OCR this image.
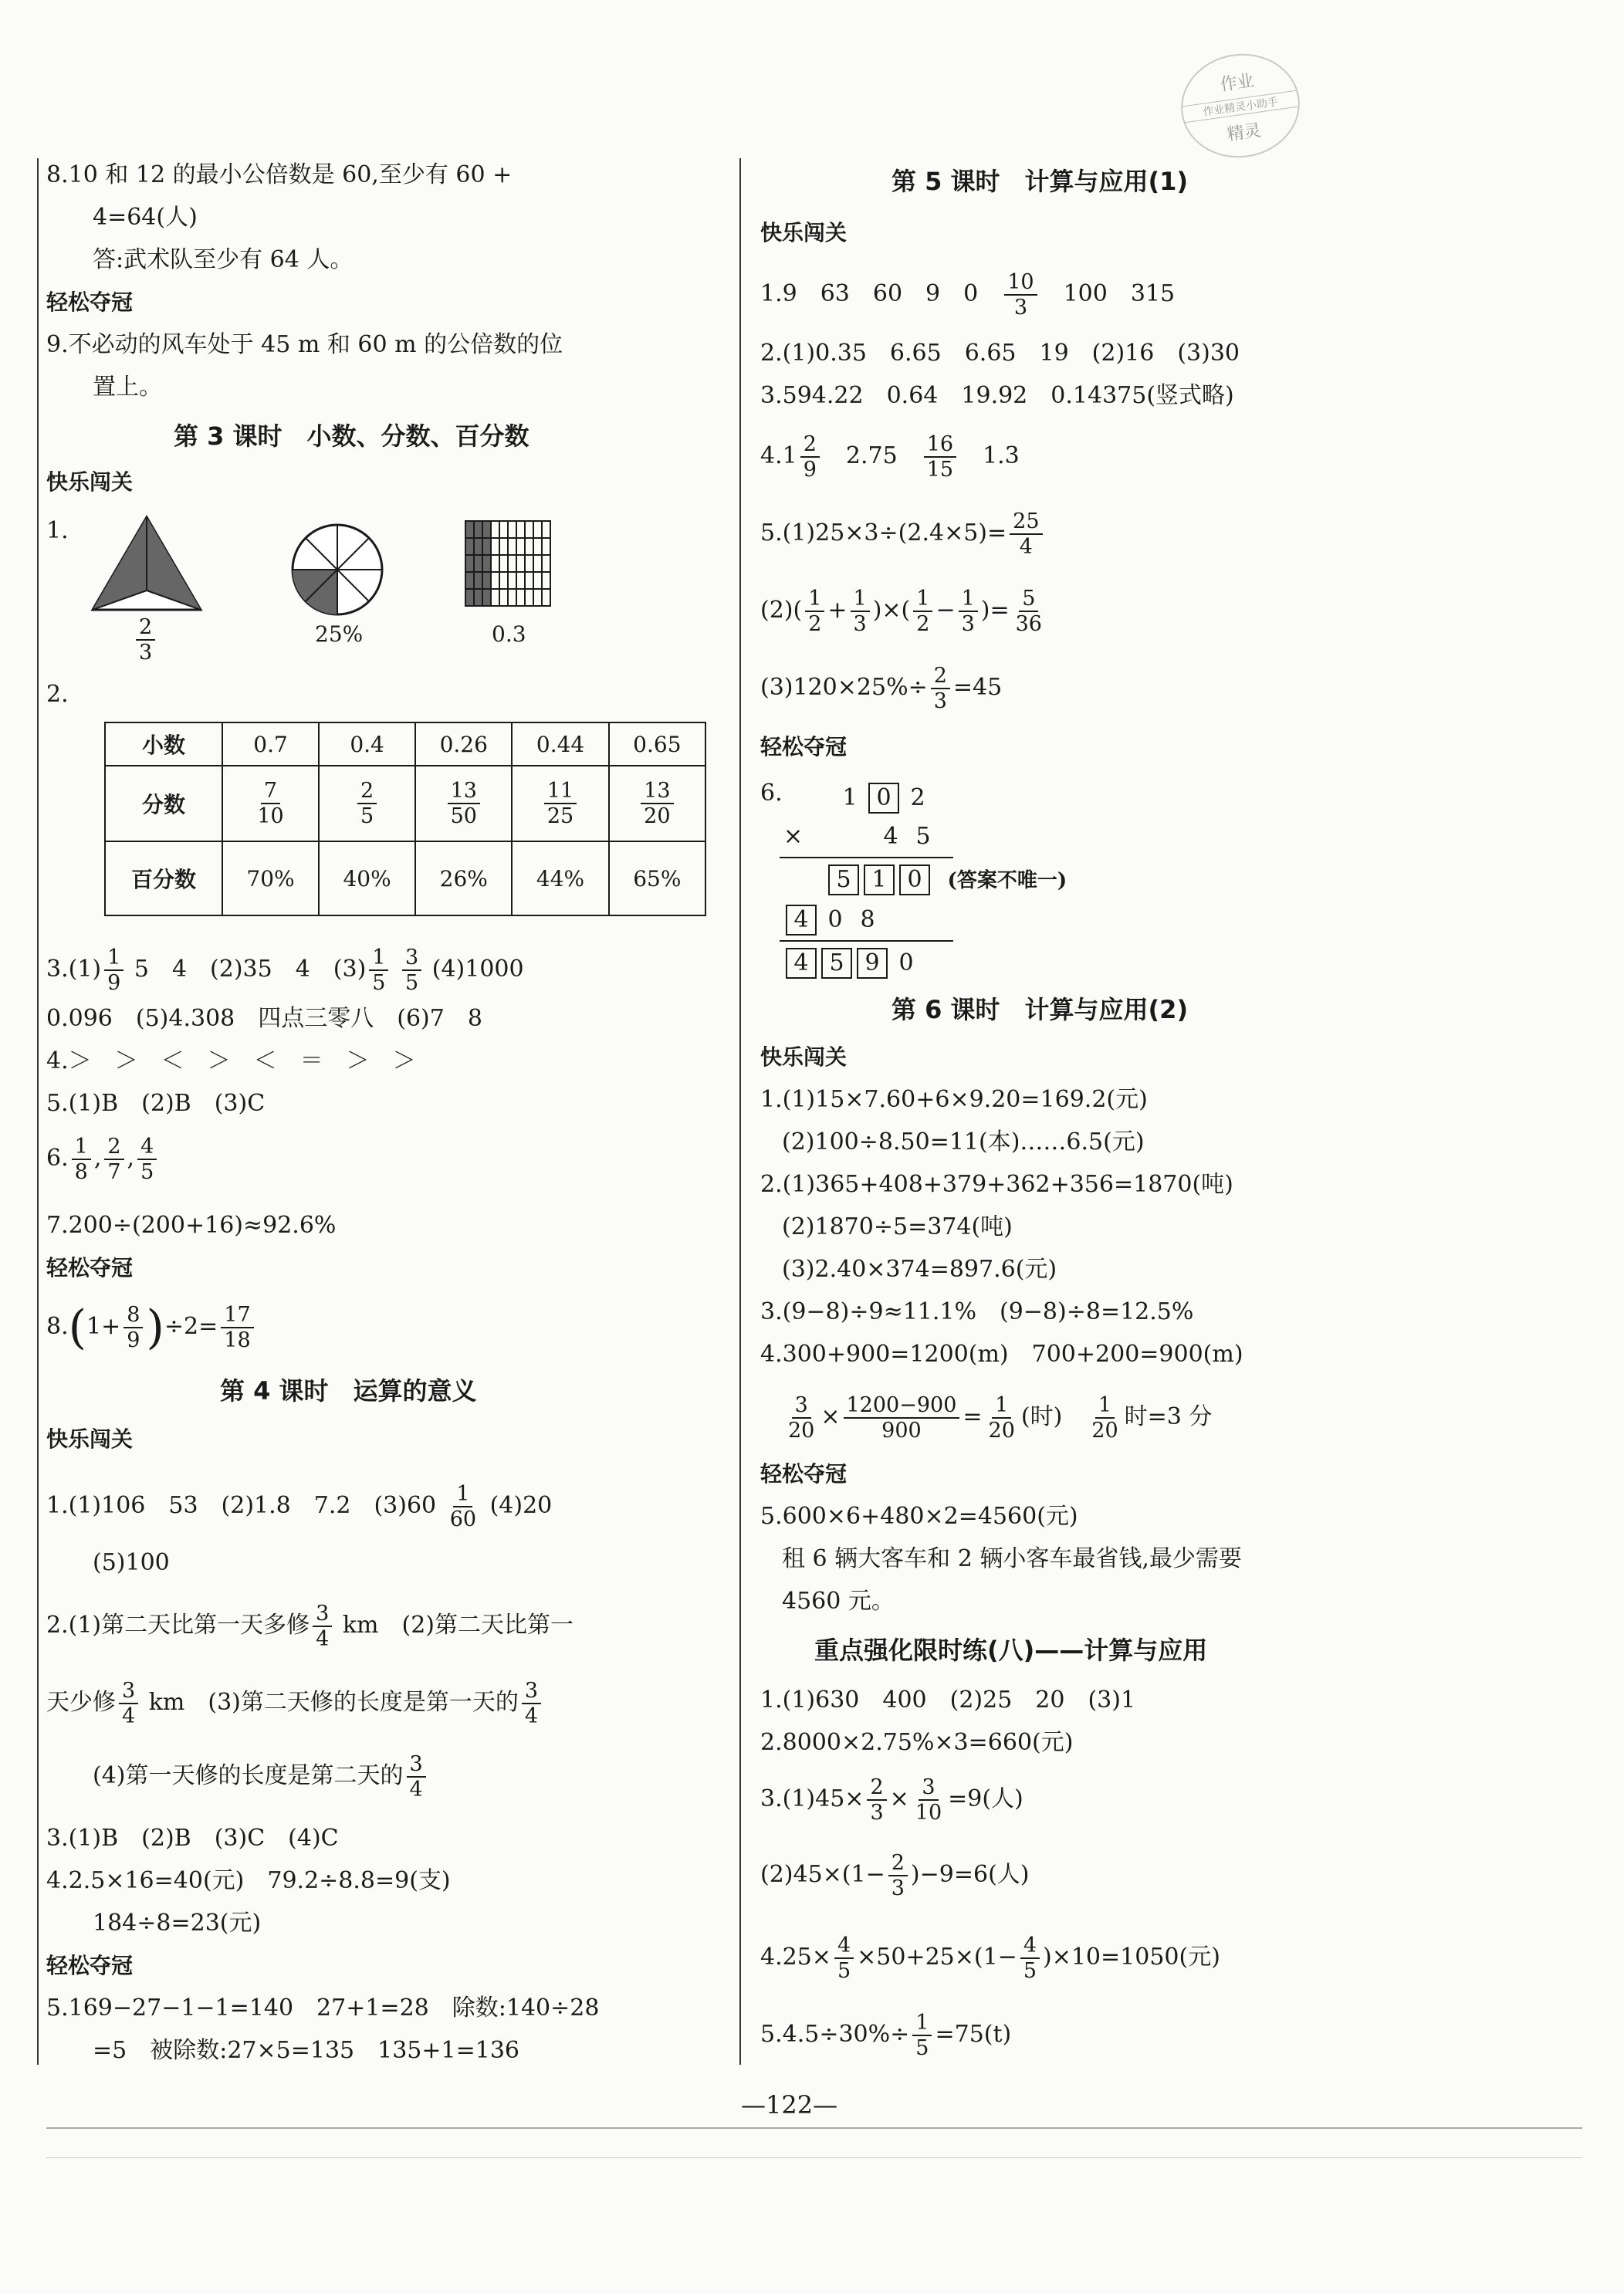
作业
作业精灵小助手
精灵
8.10 和 12 的最小公倍数是 60,至少有 60 +
4=64(人)
答:武术队至少有 64 人。
轻松夺冠
9.不必动的风车处于 45 m 和 60 m 的公倍数的位
置上。
第 3 课时　小数、分数、百分数
快乐闯关
1.
$\frac{2}{3}$	25%	0.3
2.
小数	0.7	0.4	0.26	0.44	0.65
分数	$\frac{7}{10}$	$\frac{2}{5}$	$\frac{13}{50}$	$\frac{11}{25}$	$\frac{13}{20}$

百分数	70%	40%	26%	44%	65%
$3.(1) \frac{1}{9} 5$　4　(2)35　4　$(3) \frac{1}{5}$
$\frac{3}{5} (4)1000$
0.096　(5)4.308　四点三零八　(6)7　8
4.＞　＞　＜　＞　＜　＝　＞　＞
5.(1)B　(2)B　(3)C
6. $\frac{1}{8}$ , $\frac{2}{7}$ , $\frac{4}{5}$
7.200÷(200+16)≈92.6%
轻松夺冠
$8.(1+ \frac{8}{9} )\div 2= \frac{17}{18}$
第 4 课时　运算的意义
快乐闯关
1.(1)106　53　(2)1.8　7.2　$(3)60 \frac{1}{60} (4)20$
(5)100
2.(1)第二天比第一天多修 $\frac{3}{4}$ km　(2)第二天比第一
天少修 $\frac{3}{4}$ km　(3)第二天修的长度是第一天的 $\frac{3}{4}$
(4)第一天修的长度是第二天的 $\frac{3}{4}$
3.(1)B　(2)B　(3)C　(4)C
4.2.5×16=40(元)　79.2÷8.8=9(支)
184÷8=23(元)
轻松夺冠
5.169−27−1−1=140　27+1=28　除数:140÷28
=5　被除数:27×5=135　135+1=136
第 5 课时　计算与应用(1)
快乐闯关
1.9　63　60　9　0　 $\frac{10}{3}$
　 100　315
2.(1)0.35　6.65　6.65　19　(2)16　(3)30
3.594.22　0.64　19.92　0.14375(竖式略)
$4.1 \frac{2}{9}$
　 2.75　 $\frac{16}{15}$
　 1.3
$5.(1)25\times 3\div(2.4\times 5)= \frac{25}{4}$
$(2)( \frac{1}{2} + \frac{1}{3}$ )×( $\frac{1}{2} - \frac{1}{3}$ )= $\frac{5}{36}$
$(3)120\times 25\%\div \frac{2}{3} =45$
轻松夺冠
6.	1 0 2
×	4 5
5 1 0 (答案不唯一)
4 0 8
4 5 9 0
第 6 课时　计算与应用(2)
快乐闯关
1.(1)15×7.60+6×9.20=169.2(元)
(2)100÷8.50=11(本)……6.5(元)
2.(1)365+408+379+362+356=1870(吨)
(2)1870÷5=374(吨)
(3)2.40×374=897.6(元)
3.(9−8)÷9≈11.1%　(9−8)÷8=12.5%
4.300+900=1200(m)　700+200=900(m)
$\frac{3}{20} \times \frac{1200-900}{900} = \frac{1}{20}$ (时)　 $\frac{1}{20}$ 时=3 分
轻松夺冠
5.600×6+480×2=4560(元)
租 6 辆大客车和 2 辆小客车最省钱,最少需要
4560 元。
重点强化限时练(八)——计算与应用
1.(1)630　400　(2)25　20　(3)1
2.8000×2.75%×3=660(元)
$3.(1)45\times \frac{2}{3} \times \frac{3}{10} =9$(人)
$(2)45\times(1- \frac{2}{3} )-9=6$(人)
$4.25\times \frac{4}{5} \times 50+25\times(1- \frac{4}{5} )\times 10=1050$(元)
$5.4.5\div 30\%\div \frac{1}{5} =75(t)$
—122—
